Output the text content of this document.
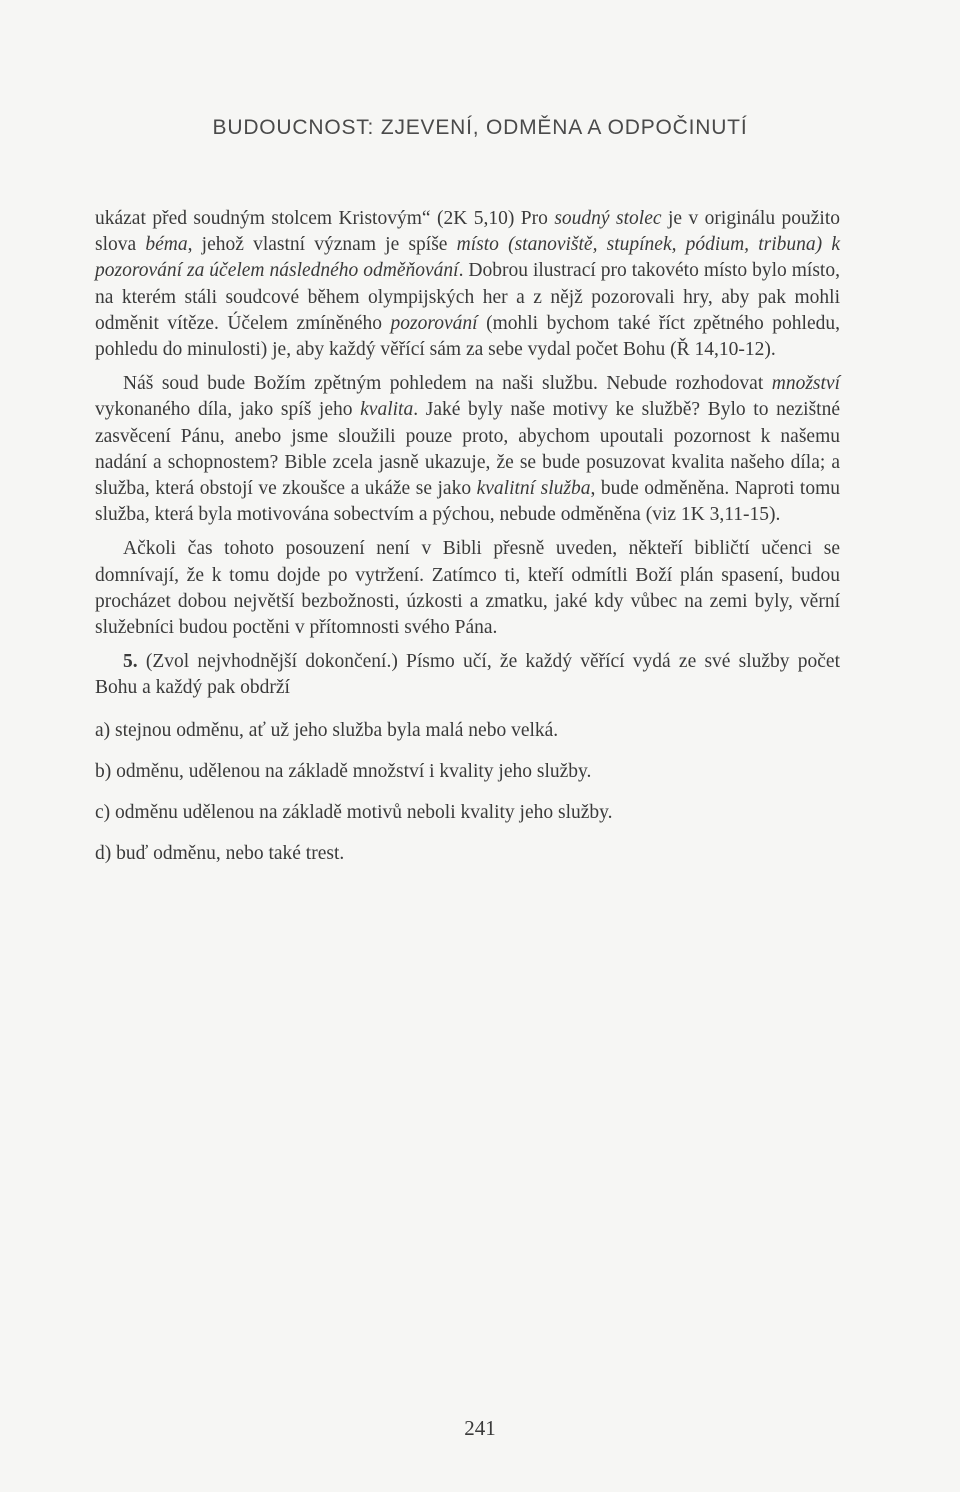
BUDOUCNOST: ZJEVENÍ, ODMĚNA A ODPOČINUTÍ

ukázat před soudným stolcem Kristovým“ (2K 5,10) Pro soudný stolec je v originálu použito slova béma, jehož vlastní význam je spíše místo (stanoviště, stupínek, pódium, tribuna) k pozorování za účelem následného odměňování. Dobrou ilustrací pro takovéto místo bylo místo, na kterém stáli soudcové během olympijských her a z nějž pozorovali hry, aby pak mohli odměnit vítěze. Účelem zmíněného pozorování (mohli bychom také říct zpětného pohledu, pohledu do minulosti) je, aby každý věřící sám za sebe vydal počet Bohu (Ř 14,10-12).

Náš soud bude Božím zpětným pohledem na naši službu. Nebude rozhodovat množství vykonaného díla, jako spíš jeho kvalita. Jaké byly naše motivy ke službě? Bylo to nezištné zasvěcení Pánu, anebo jsme sloužili pouze proto, abychom upoutali pozornost k našemu nadání a schopnostem? Bible zcela jasně ukazuje, že se bude posuzovat kvalita našeho díla; a služba, která obstojí ve zkoušce a ukáže se jako kvalitní služba, bude odměněna. Naproti tomu služba, která byla motivována sobectvím a pýchou, nebude odměněna (viz 1K 3,11-15).

Ačkoli čas tohoto posouzení není v Bibli přesně uveden, někteří bibličtí učenci se domnívají, že k tomu dojde po vytržení. Zatímco ti, kteří odmítli Boží plán spasení, budou procházet dobou největší bezbožnosti, úzkosti a zmatku, jaké kdy vůbec na zemi byly, věrní služebníci budou poctěni v přítomnosti svého Pána.

5. (Zvol nejvhodnější dokončení.) Písmo učí, že každý věřící vydá ze své služby počet Bohu a každý pak obdrží

a) stejnou odměnu, ať už jeho služba byla malá nebo velká.

b) odměnu, udělenou na základě množství i kvality jeho služby.

c) odměnu udělenou na základě motivů neboli kvality jeho služby.

d) buď odměnu, nebo také trest.

241
